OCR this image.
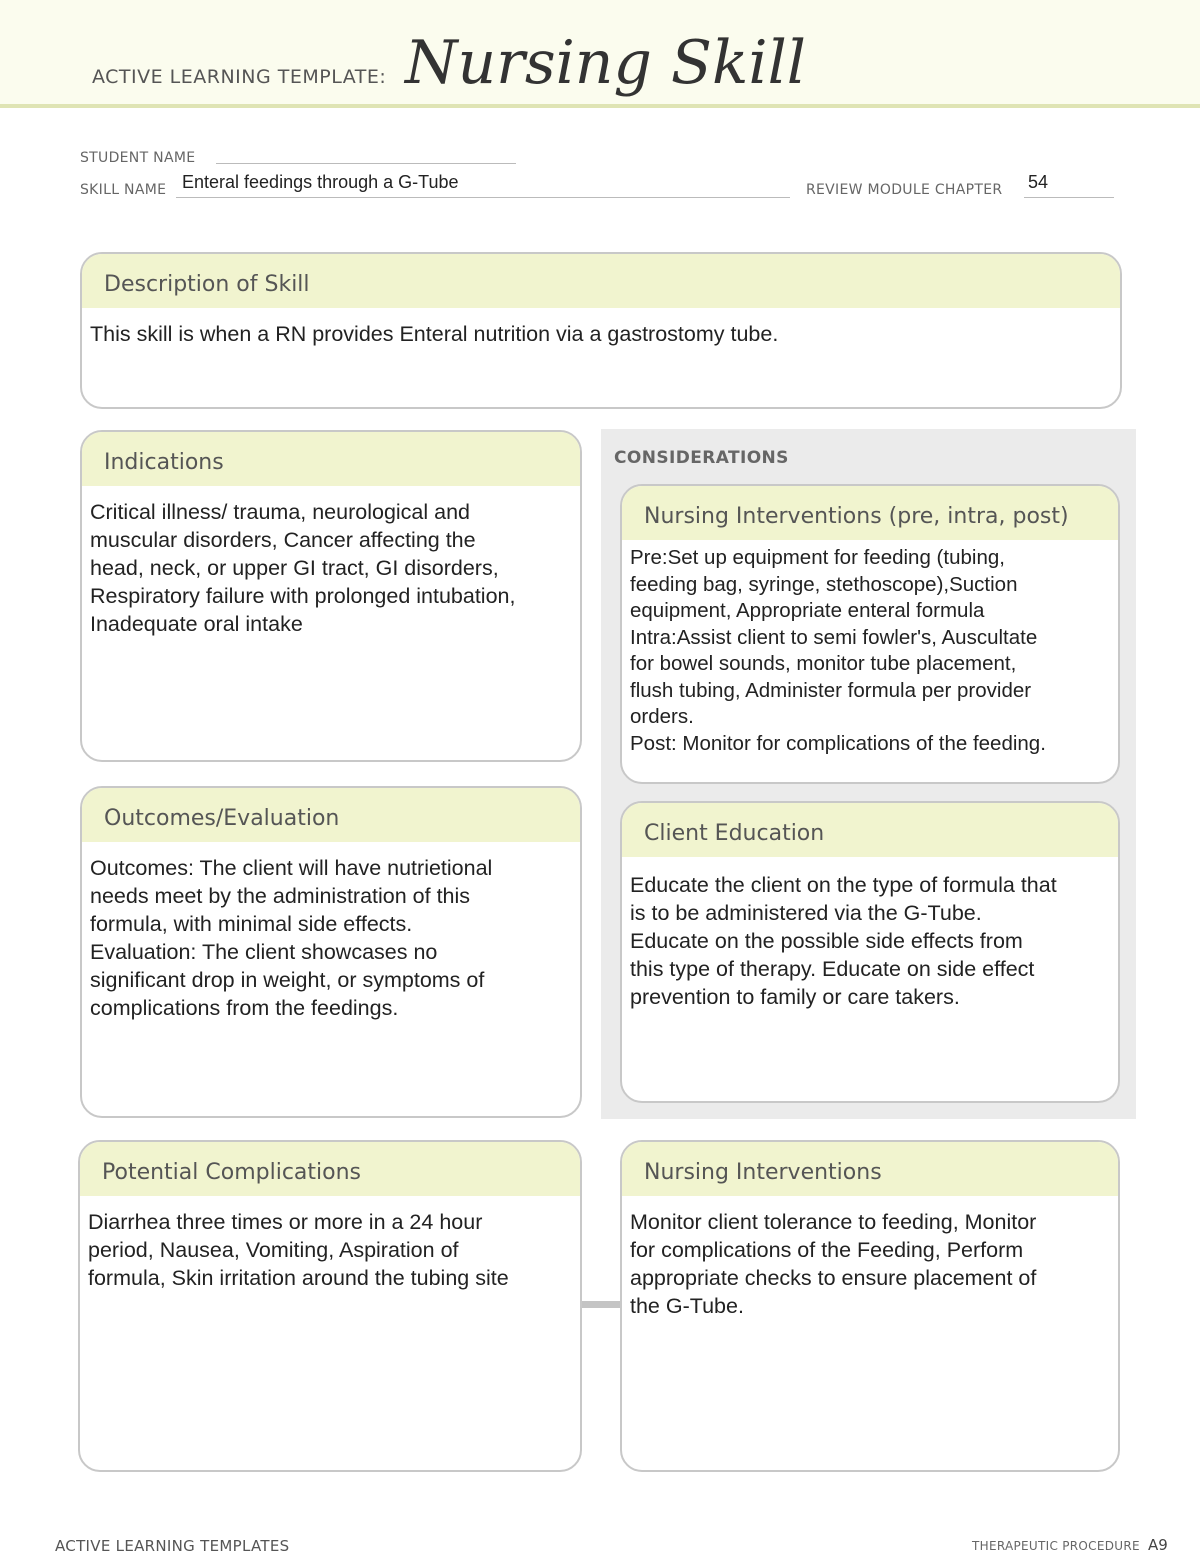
ACTIVE LEARNING TEMPLATE: Nursing Skill
STUDENT NAME
SKILL NAME Enteral feedings through a G-Tube	REVIEW MODULE CHAPTER 54
Description of Skill
This skill is when a RN provides Enteral nutrition via a gastrostomy tube.
Indications
Critical illness/ trauma, neurological and
muscular disorders, Cancer affecting the
head, neck, or upper GI tract, GI disorders,
Respiratory failure with prolonged intubation,
Inadequate oral intake
CONSIDERATIONS
Nursing Interventions (pre, intra, post)
Pre:Set up equipment for feeding (tubing,
feeding bag, syringe, stethoscope),Suction
equipment, Appropriate enteral formula
Intra:Assist client to semi fowler's, Auscultate
for bowel sounds, monitor tube placement,
flush tubing, Administer formula per provider
orders.
Post: Monitor for complications of the feeding.
Client Education
Educate the client on the type of formula that
is to be administered via the G-Tube.
Educate on the possible side effects from
this type of therapy. Educate on side effect
prevention to family or care takers.
Outcomes/Evaluation
Outcomes: The client will have nutrietional
needs meet by the administration of this
formula, with minimal side effects.
Evaluation: The client showcases no
significant drop in weight, or symptoms of
complications from the feedings.
Potential Complications
Diarrhea three times or more in a 24 hour
period, Nausea, Vomiting, Aspiration of
formula, Skin irritation around the tubing site
Nursing Interventions
Monitor client tolerance to feeding, Monitor
for complications of the Feeding, Perform
appropriate checks to ensure placement of
the G-Tube.
ACTIVE LEARNING TEMPLATES	THERAPEUTIC PROCEDURE A9
